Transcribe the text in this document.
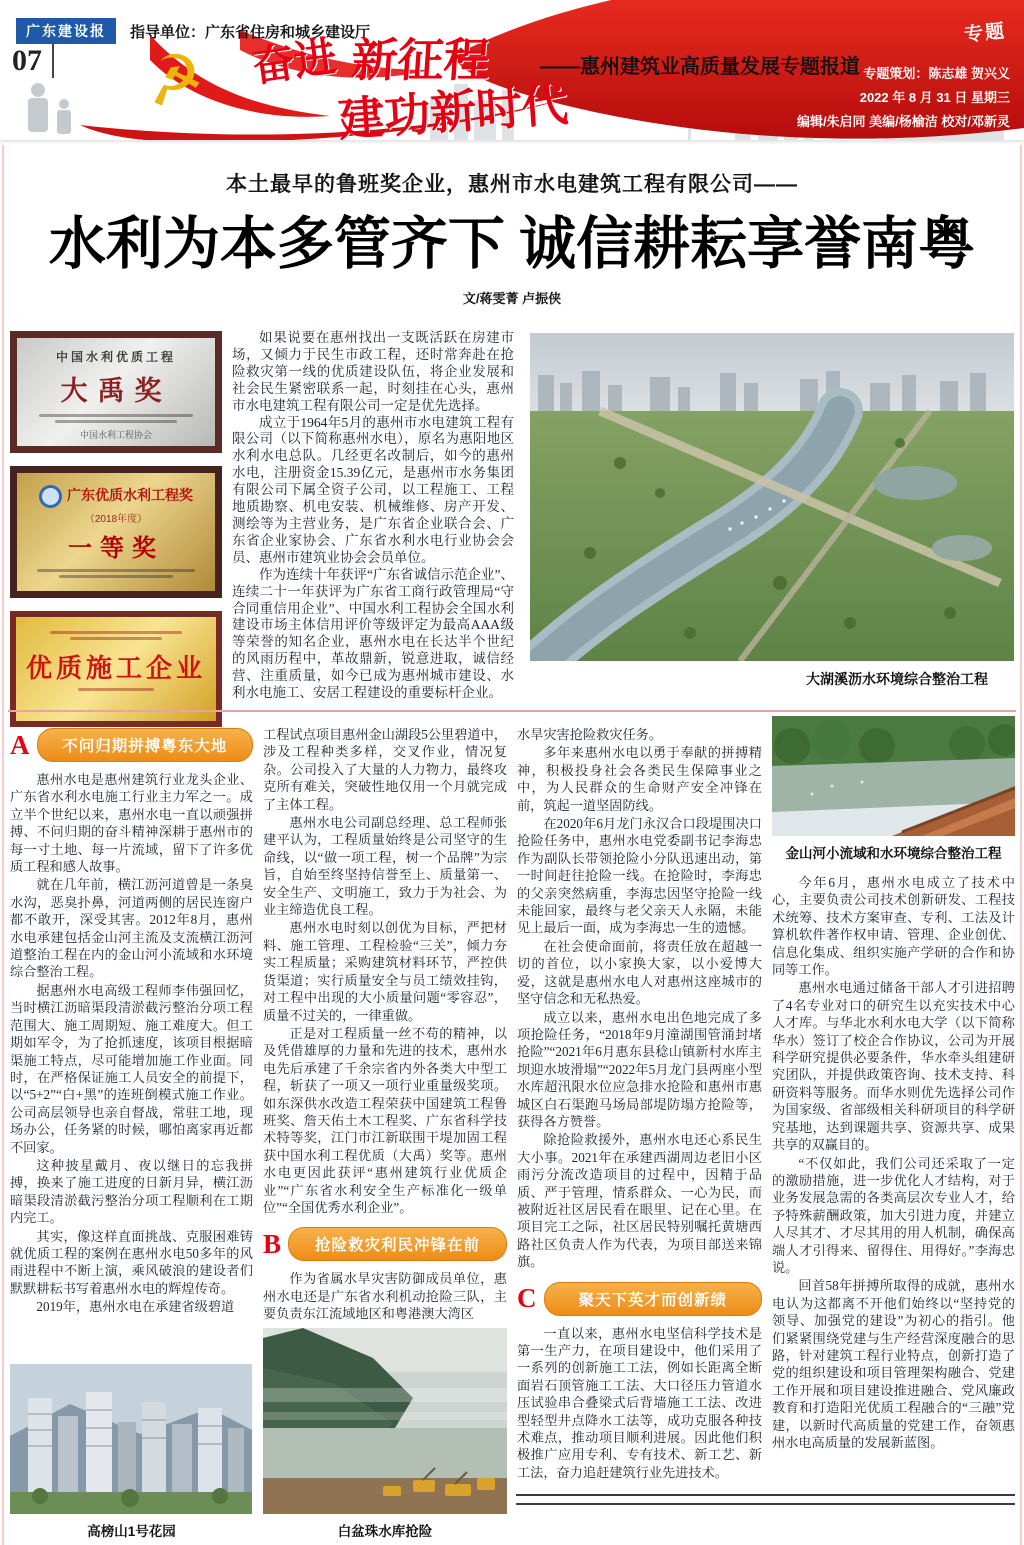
☭
广东建设报	指导单位：广东省住房和城乡建设厅
07	奋进 新征程 ——惠州建筑业高质量发展专题报道
建功新时代
专题
专题策划：陈志雄 贺兴义
2022 年 8 月 31 日 星期三
编辑/朱启同 美编/杨榆洁 校对/邓新灵
本土最早的鲁班奖企业，惠州市水电建筑工程有限公司——
水利为本多管齐下 诚信耕耘享誉南粤
文/蒋雯菁 卢振侠
中国水利优质工程
大禹奖
中国水利工程协会
广东优质水利工程奖
（2018年度）
一等奖
优质施工企业

如果说要在惠州找出一支既活跃在房建市场，又倾力于民生市政工程，还时常奔赴在抢险救灾第一线的优质建设队伍，将企业发展和社会民生紧密联系一起，时刻挂在心头，惠州市水电建筑工程有限公司一定是优先选择。

成立于1964年5月的惠州市水电建筑工程有限公司（以下简称惠州水电），原名为惠阳地区水利水电总队。几经更名改制后，如今的惠州水电，注册资金15.39亿元，是惠州市水务集团有限公司下属全资子公司，以工程施工、工程地质勘察、机电安装、机械维修、房产开发、测绘等为主营业务，是广东省企业联合会、广东省企业家协会、广东省水利水电行业协会会员、惠州市建筑业协会会员单位。

作为连续十年获评“广东省诚信示范企业”、连续二十一年获评为广东省工商行政管理局“守合同重信用企业”、中国水利工程协会全国水利建设市场主体信用评价等级评定为最高AAA级等荣誉的知名企业，惠州水电在长达半个世纪的风雨历程中，革故鼎新，锐意进取，诚信经营、注重质量，如今已成为惠州城市建设、水利水电施工、安居工程建设的重要标杆企业。

大湖溪沥水环境综合整治工程
A	不问归期拼搏粤东大地

惠州水电是惠州建筑行业龙头企业、广东省水利水电施工行业主力军之一。成立半个世纪以来，惠州水电一直以顽强拼搏、不问归期的奋斗精神深耕于惠州市的每一寸土地、每一片流域，留下了许多优质工程和感人故事。

就在几年前，横江沥河道曾是一条臭水沟，恶臭扑鼻，河道两侧的居民连窗户都不敢开，深受其害。2012年8月，惠州水电承建包括金山河主流及支流横江沥河道整治工程在内的金山河小流域和水环境综合整治工程。

据惠州水电高级工程师李伟强回忆，当时横江沥暗渠段清淤截污整治分项工程范围大、施工周期短、施工难度大。但工期如军令，为了抢抓速度，该项目根据暗渠施工特点，尽可能增加施工作业面。同时，在严格保证施工人员安全的前提下，以“5+2”“白+黑”的连班倒模式施工作业。公司高层领导也亲自督战，常驻工地，现场办公，任务紧的时候，哪怕离家再近都不回家。

这种披星戴月、夜以继日的忘我拼搏，换来了施工进度的日新月异，横江沥暗渠段清淤截污整治分项工程顺利在工期内完工。

其实，像这样直面挑战、克服困难铸就优质工程的案例在惠州水电50多年的风雨进程中不断上演，乘风破浪的建设者们默默耕耘书写着惠州水电的辉煌传奇。

2019年，惠州水电在承建省级碧道

高榜山1号花园

工程试点项目惠州金山湖段5公里碧道中，涉及工程种类多样，交叉作业，情况复杂。公司投入了大量的人力物力，最终攻克所有难关，突破性地仅用一个月就完成了主体工程。

惠州水电公司副总经理、总工程师张建平认为，工程质量始终是公司坚守的生命线，以“做一项工程，树一个品牌”为宗旨，自始至终坚持信誉至上、质量第一、安全生产、文明施工，致力于为社会、为业主缔造优良工程。

惠州水电时刻以创优为目标，严把材料、施工管理、工程检验“三关”，倾力夯实工程质量；采购建筑材料环节，严控供货渠道；实行质量安全与员工绩效挂钩，对工程中出现的大小质量问题“零容忍”，质量不过关的，一律重做。

正是对工程质量一丝不苟的精神，以及凭借雄厚的力量和先进的技术，惠州水电先后承建了千余宗省内外各类大中型工程，斩获了一项又一项行业重量级奖项。如东深供水改造工程荣获中国建筑工程鲁班奖、詹天佑土木工程奖、广东省科学技术特等奖，江门市江新联围干堤加固工程获中国水利工程优质（大禹）奖等。惠州水电更因此获评“惠州建筑行业优质企业”“广东省水利安全生产标准化一级单位”“全国优秀水利企业”。

B	抢险救灾利民冲锋在前

作为省属水旱灾害防御成员单位，惠州水电还是广东省水利机动抢险三队，主要负责东江流域地区和粤港澳大湾区

白盆珠水库抢险

水旱灾害抢险救灾任务。

多年来惠州水电以勇于奉献的拼搏精神，积极投身社会各类民生保障事业之中，为人民群众的生命财产安全冲锋在前，筑起一道坚固防线。

在2020年6月龙门永汉合口段堤围决口抢险任务中，惠州水电党委副书记李海忠作为副队长带领抢险小分队迅速出动，第一时间赶往抢险一线。在抢险时，李海忠的父亲突然病重，李海忠因坚守抢险一线未能回家，最终与老父亲天人永隔，未能见上最后一面，成为李海忠一生的遗憾。

在社会使命面前，将责任放在超越一切的首位，以小家换大家，以小爱博大爱，这就是惠州水电人对惠州这座城市的坚守信念和无私热爱。

成立以来，惠州水电出色地完成了多项抢险任务，“2018年9月潼湖围管涌封堵抢险”“2021年6月惠东县稔山镇新村水库主坝迎水坡滑塌”“2022年5月龙门县两座小型水库超汛限水位应急排水抢险和惠州市惠城区白石渠跑马场局部堤防塌方抢险等，获得各方赞誉。

除抢险救援外，惠州水电还心系民生大小事。2021年在承建西湖周边老旧小区雨污分流改造项目的过程中，因精于品质、严于管理，情系群众、一心为民，而被附近社区居民看在眼里、记在心里。在项目完工之际，社区居民特别嘱托黄塘西路社区负责人作为代表，为项目部送来锦旗。

C	聚天下英才而创新绩

一直以来，惠州水电坚信科学技术是第一生产力，在项目建设中，他们采用了一系列的创新施工工法，例如长距离全断面岩石顶管施工工法、大口径压力管道水压试验串合叠梁式后背墙施工工法、改进型轻型井点降水工法等，成功克服各种技术难点，推动项目顺利进展。因此他们积极推广应用专利、专有技术、新工艺、新工法，奋力追赶建筑行业先进技术。

金山河小流域和水环境综合整治工程

今年6月，惠州水电成立了技术中心，主要负责公司技术创新研发、工程技术统筹、技术方案审查、专利、工法及计算机软件著作权申请、管理、企业创优、信息化集成、组织实施产学研的合作和协同等工作。

惠州水电通过储备干部人才引进招聘了4名专业对口的研究生以充实技术中心人才库。与华北水利水电大学（以下简称华水）签订了校企合作协议，公司为开展科学研究提供必要条件，华水牵头组建研究团队，并提供政策咨询、技术支持、科研资料等服务。而华水则优先选择公司作为国家级、省部级相关科研项目的科学研究基地，达到课题共享、资源共享、成果共享的双赢目的。

“不仅如此，我们公司还采取了一定的激励措施，进一步优化人才结构，对于业务发展急需的各类高层次专业人才，给予特殊薪酬政策，加大引进力度，并建立人尽其才、才尽其用的用人机制，确保高端人才引得来、留得住、用得好。”李海忠说。

回首58年拼搏所取得的成就，惠州水电认为这都离不开他们始终以“坚持党的领导、加强党的建设”为初心的指引。他们紧紧围绕党建与生产经营深度融合的思路，针对建筑工程行业特点，创新打造了党的组织建设和项目管理架构融合、党建工作开展和项目建设推进融合、党风廉政教育和打造阳光优质工程融合的“三融”党建，以新时代高质量的党建工作，奋领惠州水电高质量的发展新蓝图。
